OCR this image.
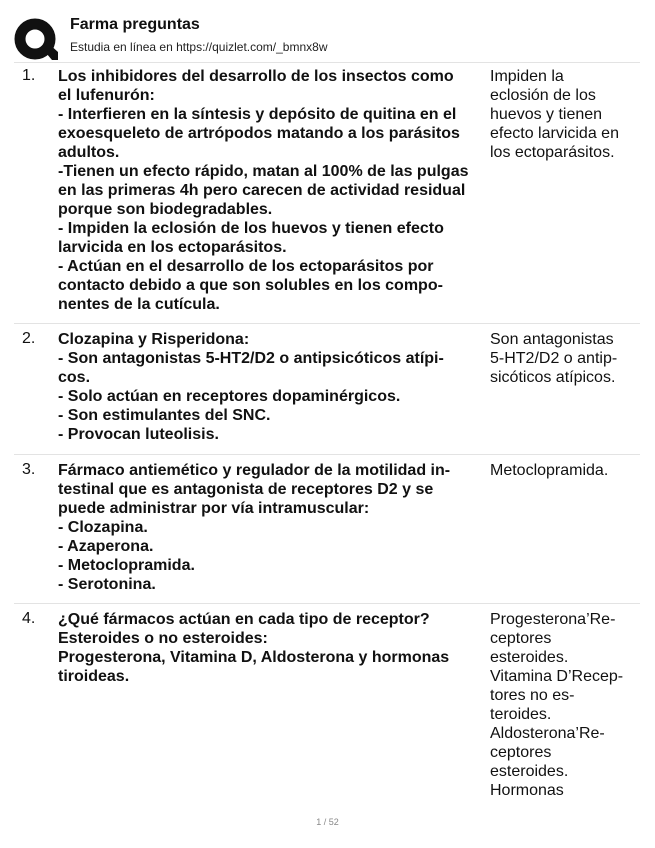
Farma preguntas
Estudia en línea en https://quizlet.com/_bmnx8w
1. Los inhibidores del desarrollo de los insectos como
el lufenurón:
- Interfieren en la síntesis y depósito de quitina en el
exoesqueleto de artrópodos matando a los parásitos
adultos.
-Tienen un efecto rápido, matan al 100% de las pulgas
en las primeras 4h pero carecen de actividad residual
porque son biodegradables.
- Impiden la eclosión de los huevos y tienen efecto
larvicida en los ectoparásitos.
- Actúan en el desarrollo de los ectoparásitos por
contacto debido a que son solubles en los compo-
nentes de la cutícula.
Impiden la
eclosión de los
huevos y tienen
efecto larvicida en
los ectoparásitos.
2. Clozapina y Risperidona:
- Son antagonistas 5-HT2/D2 o antipsicóticos atípi-
cos.
- Solo actúan en receptores dopaminérgicos.
- Son estimulantes del SNC.
- Provocan luteolisis.
Son antagonistas
5-HT2/D2 o antip-
sicóticos atípicos.
3. Fármaco antiemético y regulador de la motilidad in-
testinal que es antagonista de receptores D2 y se
puede administrar por vía intramuscular:
- Clozapina.
- Azaperona.
- Metoclopramida.
- Serotonina.
Metoclopramida.
4. ¿Qué fármacos actúan en cada tipo de receptor?
Esteroides o no esteroides:
Progesterona, Vitamina D, Aldosterona y hormonas
tiroideas.
Progesterona’Re-
ceptores
esteroides.
Vitamina D’Recep-
tores no es-
teroides.
Aldosterona’Re-
ceptores
esteroides.
Hormonas
1 / 52
